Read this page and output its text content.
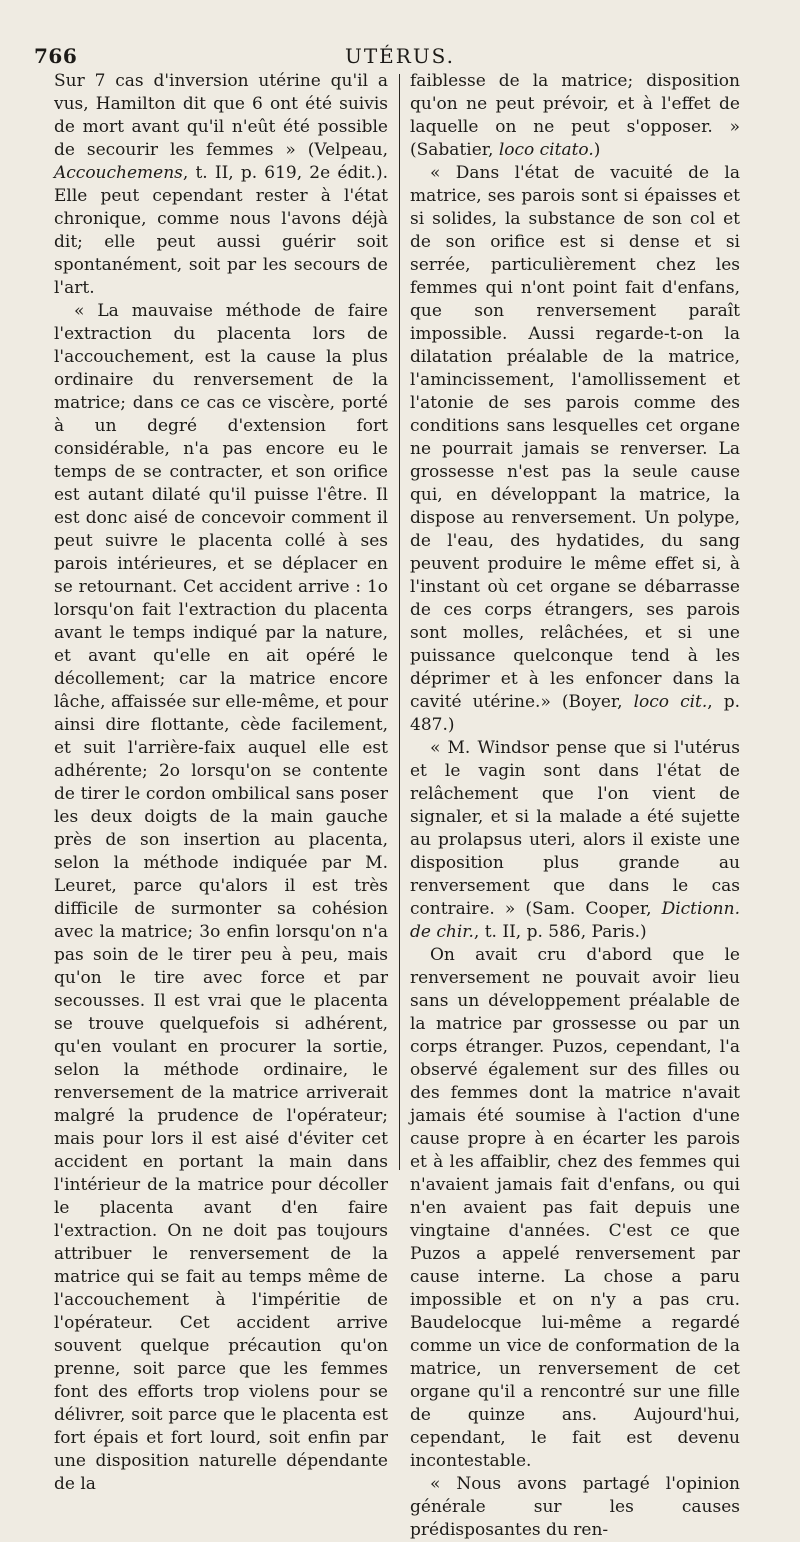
766	UTÉRUS.

Sur 7 cas d'inversion utérine qu'il a vus, Hamilton dit que 6 ont été suivis de mort avant qu'il n'eût été possible de secourir les femmes » (Velpeau, Accouchemens, t. II, p. 619, 2e édit.). Elle peut cependant rester à l'état chronique, comme nous l'avons déjà dit; elle peut aussi guérir soit spontanément, soit par les secours de l'art.

« La mauvaise méthode de faire l'extraction du placenta lors de l'accouchement, est la cause la plus ordinaire du renversement de la matrice; dans ce cas ce viscère, porté à un degré d'extension fort considérable, n'a pas encore eu le temps de se contracter, et son orifice est autant dilaté qu'il puisse l'être. Il est donc aisé de concevoir comment il peut suivre le placenta collé à ses parois intérieures, et se déplacer en se retournant. Cet accident arrive : 1o lorsqu'on fait l'extraction du placenta avant le temps indiqué par la nature, et avant qu'elle en ait opéré le décollement; car la matrice encore lâche, affaissée sur elle-même, et pour ainsi dire flottante, cède facilement, et suit l'arrière-faix auquel elle est adhérente; 2o lorsqu'on se contente de tirer le cordon ombilical sans poser les deux doigts de la main gauche près de son insertion au placenta, selon la méthode indiquée par M. Leuret, parce qu'alors il est très difficile de surmonter sa cohésion avec la matrice; 3o enfin lorsqu'on n'a pas soin de le tirer peu à peu, mais qu'on le tire avec force et par secousses. Il est vrai que le placenta se trouve quelquefois si adhérent, qu'en voulant en procurer la sortie, selon la méthode ordinaire, le renversement de la matrice arriverait malgré la prudence de l'opérateur; mais pour lors il est aisé d'éviter cet accident en portant la main dans l'intérieur de la matrice pour décoller le placenta avant d'en faire l'extraction. On ne doit pas toujours attribuer le renversement de la matrice qui se fait au temps même de l'accouchement à l'impéritie de l'opérateur. Cet accident arrive souvent quelque précaution qu'on prenne, soit parce que les femmes font des efforts trop violens pour se délivrer, soit parce que le placenta est fort épais et fort lourd, soit enfin par une disposition naturelle dépendante de la

faiblesse de la matrice; disposition qu'on ne peut prévoir, et à l'effet de laquelle on ne peut s'opposer. » (Sabatier, loco citato.)

« Dans l'état de vacuité de la matrice, ses parois sont si épaisses et si solides, la substance de son col et de son orifice est si dense et si serrée, particulièrement chez les femmes qui n'ont point fait d'enfans, que son renversement paraît impossible. Aussi regarde-t-on la dilatation préalable de la matrice, l'amincissement, l'amollissement et l'atonie de ses parois comme des conditions sans lesquelles cet organe ne pourrait jamais se renverser. La grossesse n'est pas la seule cause qui, en développant la matrice, la dispose au renversement. Un polype, de l'eau, des hydatides, du sang peuvent produire le même effet si, à l'instant où cet organe se débarrasse de ces corps étrangers, ses parois sont molles, relâchées, et si une puissance quelconque tend à les déprimer et à les enfoncer dans la cavité utérine.» (Boyer, loco cit., p. 487.)

« M. Windsor pense que si l'utérus et le vagin sont dans l'état de relâchement que l'on vient de signaler, et si la malade a été sujette au prolapsus uteri, alors il existe une disposition plus grande au renversement que dans le cas contraire. » (Sam. Cooper, Dictionn. de chir., t. II, p. 586, Paris.)

On avait cru d'abord que le renversement ne pouvait avoir lieu sans un développement préalable de la matrice par grossesse ou par un corps étranger. Puzos, cependant, l'a observé également sur des filles ou des femmes dont la matrice n'avait jamais été soumise à l'action d'une cause propre à en écarter les parois et à les affaiblir, chez des femmes qui n'avaient jamais fait d'enfans, ou qui n'en avaient pas fait depuis une vingtaine d'années. C'est ce que Puzos a appelé renversement par cause interne. La chose a paru impossible et on n'y a pas cru. Baudelocque lui-même a regardé comme un vice de conformation de la matrice, un renversement de cet organe qu'il a rencontré sur une fille de quinze ans. Aujourd'hui, cependant, le fait est devenu incontestable.

« Nous avons partagé l'opinion générale sur les causes prédisposantes du ren-
